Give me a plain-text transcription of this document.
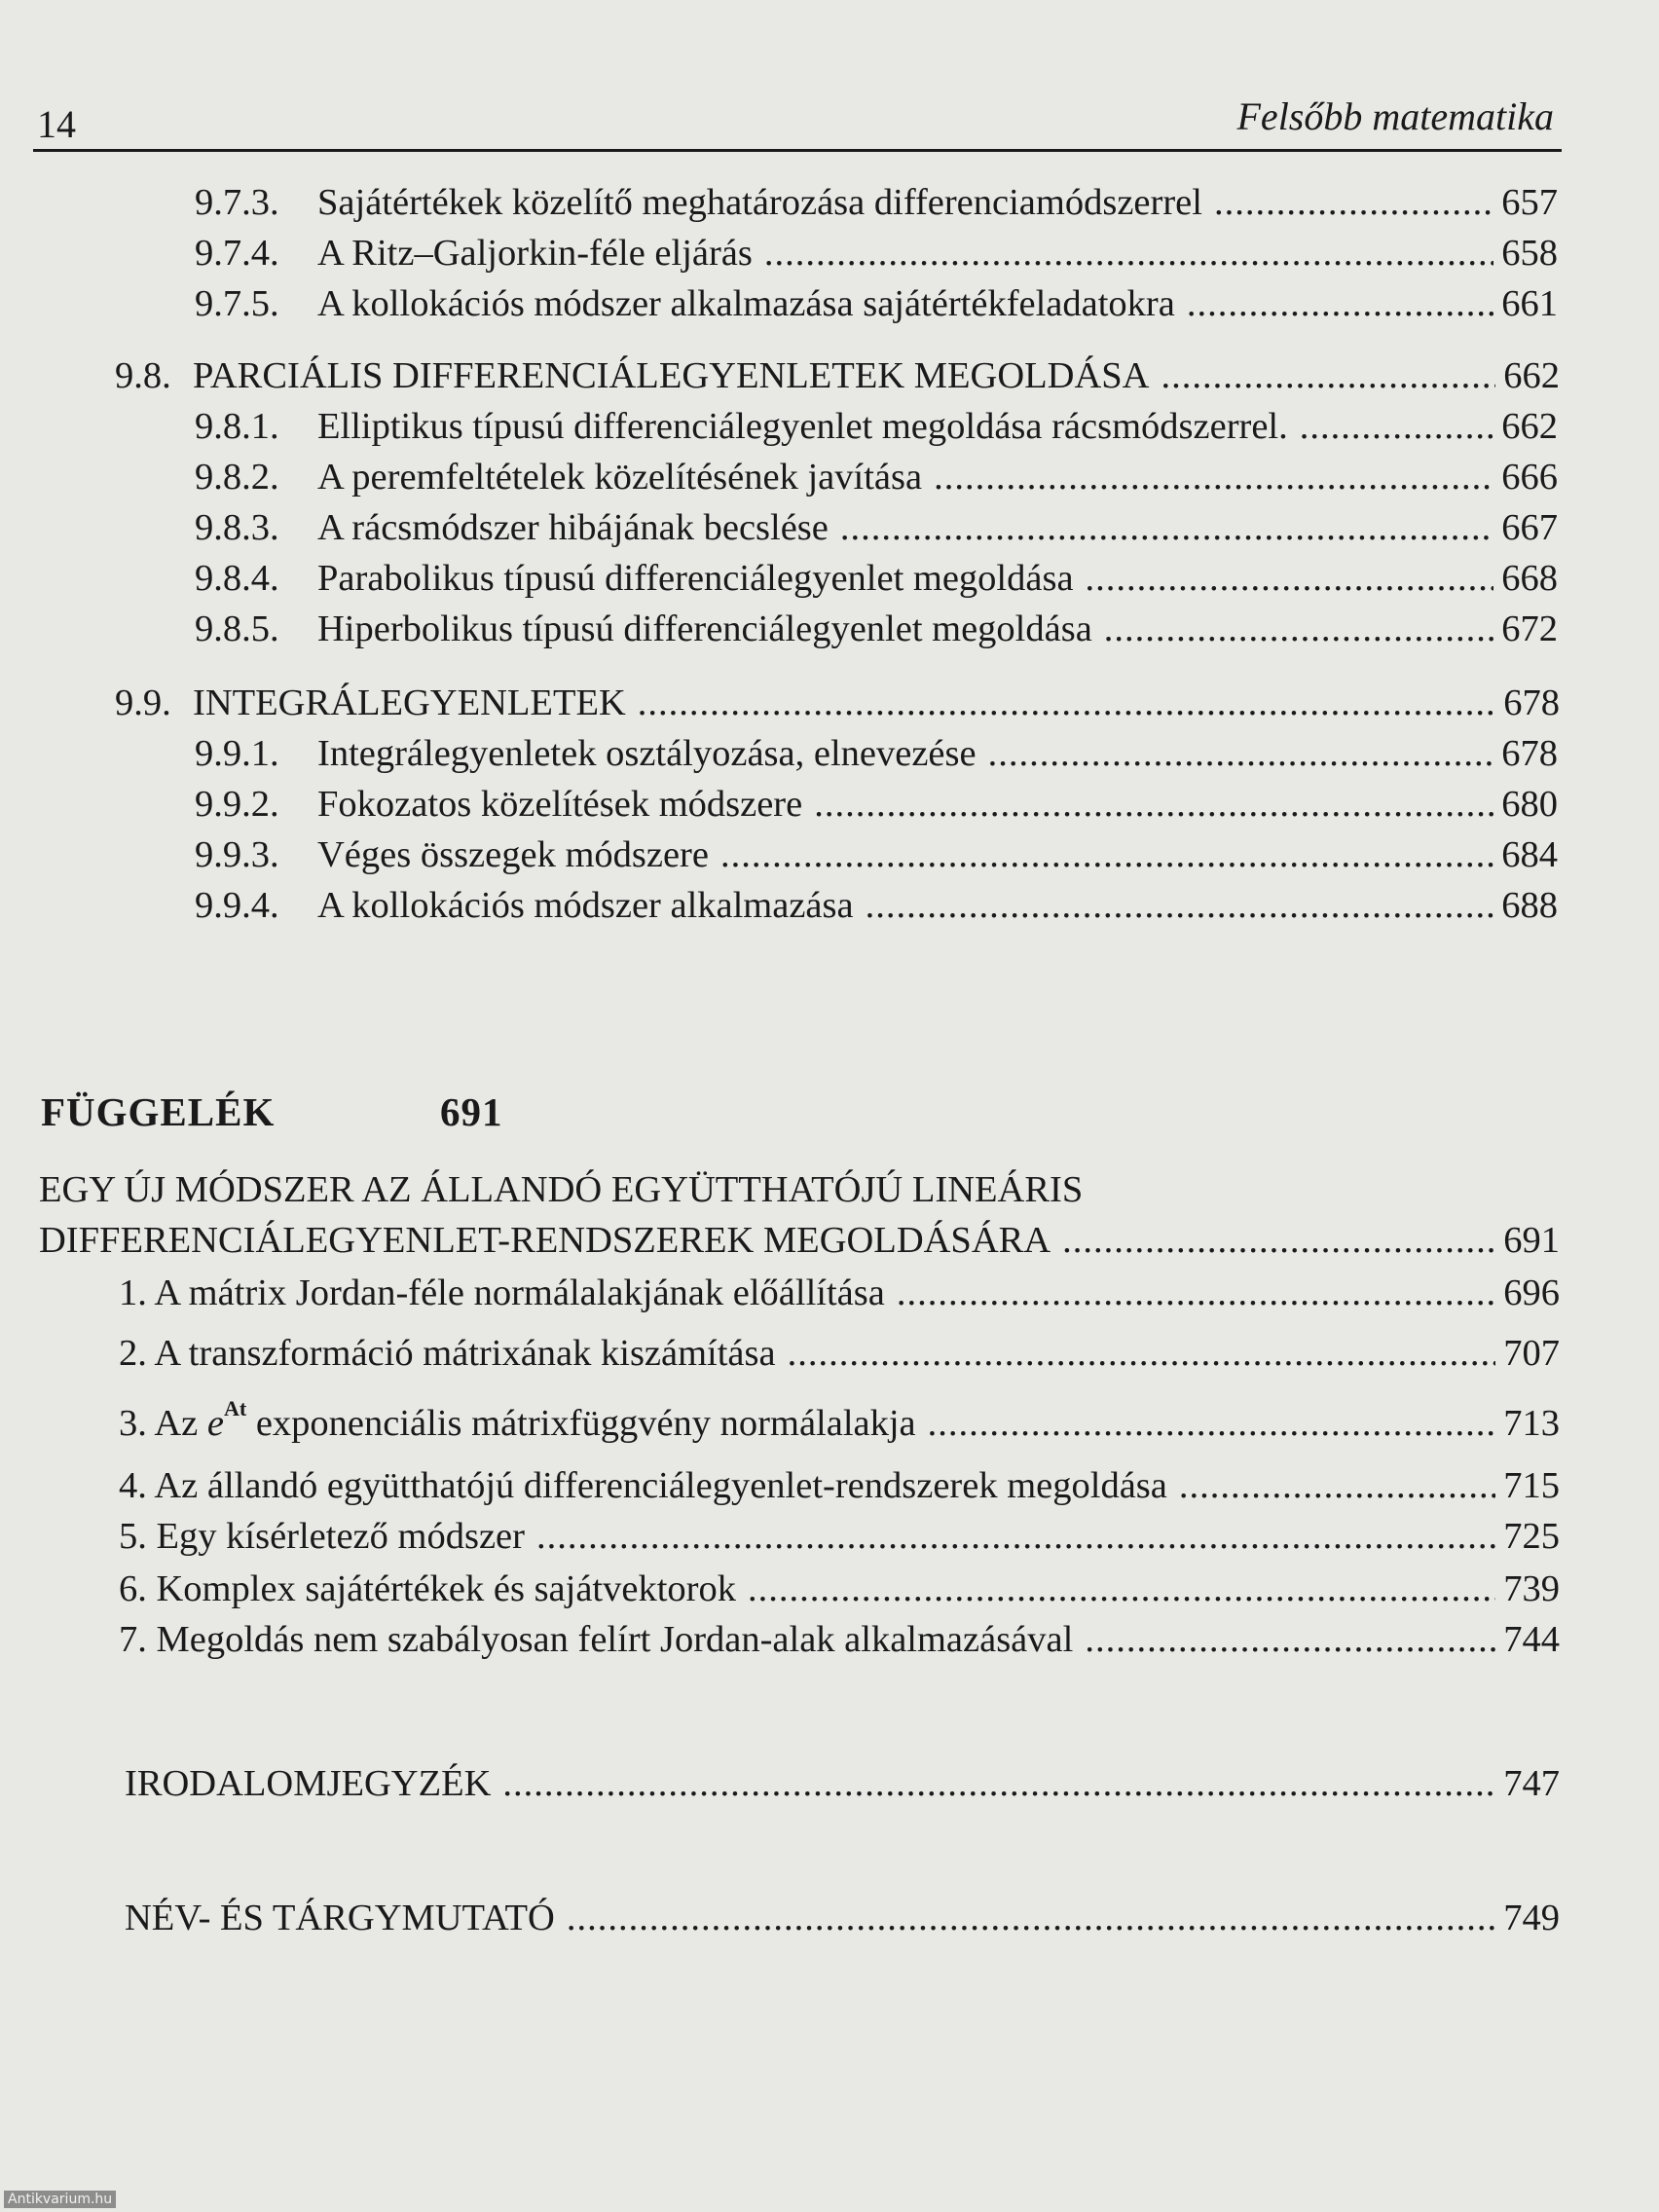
14	Felsőbb matematika
9.7.3.	Sajátértékek közelítő meghatározása differenciamódszerrel .....	657
9.7.4.	A Ritz–Galjorkin-féle eljárás .....	658
9.7.5.	A kollokációs módszer alkalmazása sajátértékfeladatokra .....	661
9.8. PARCIÁLIS DIFFERENCIÁLEGYENLETEK MEGOLDÁSA .....	662
9.8.1.	Elliptikus típusú differenciálegyenlet megoldása rácsmódszerrel. .....	662
9.8.2.	A peremfeltételek közelítésének javítása .....	666
9.8.3.	A rácsmódszer hibájának becslése .....	667
9.8.4.	Parabolikus típusú differenciálegyenlet megoldása .....	668
9.8.5.	Hiperbolikus típusú differenciálegyenlet megoldása .....	672
9.9. INTEGRÁLEGYENLETEK .....	678
9.9.1.	Integrálegyenletek osztályozása, elnevezése .....	678
9.9.2.	Fokozatos közelítések módszere .....	680
9.9.3.	Véges összegek módszere .....	684
9.9.4.	A kollokációs módszer alkalmazása .....	688
FÜGGELÉK	691
EGY ÚJ MÓDSZER AZ ÁLLANDÓ EGYÜTTHATÓJÚ LINEÁRIS
DIFFERENCIÁLEGYENLET-RENDSZEREK MEGOLDÁSÁRA .....	691
1. A mátrix Jordan-féle normálalakjának előállítása .....	696
2. A transzformáció mátrixának kiszámítása .....	707
3. Az $e^{At}$ exponenciális mátrixfüggvény normálalakja .....	713
4. Az állandó együtthatójú differenciálegyenlet-rendszerek megoldása .....	715
5. Egy kísérletező módszer .....	725
6. Komplex sajátértékek és sajátvektorok .....	739
7. Megoldás nem szabályosan felírt Jordan-alak alkalmazásával .....	744
IRODALOMJEGYZÉK .....	747
NÉV- ÉS TÁRGYMUTATÓ .....	749
Antikvarium.hu
